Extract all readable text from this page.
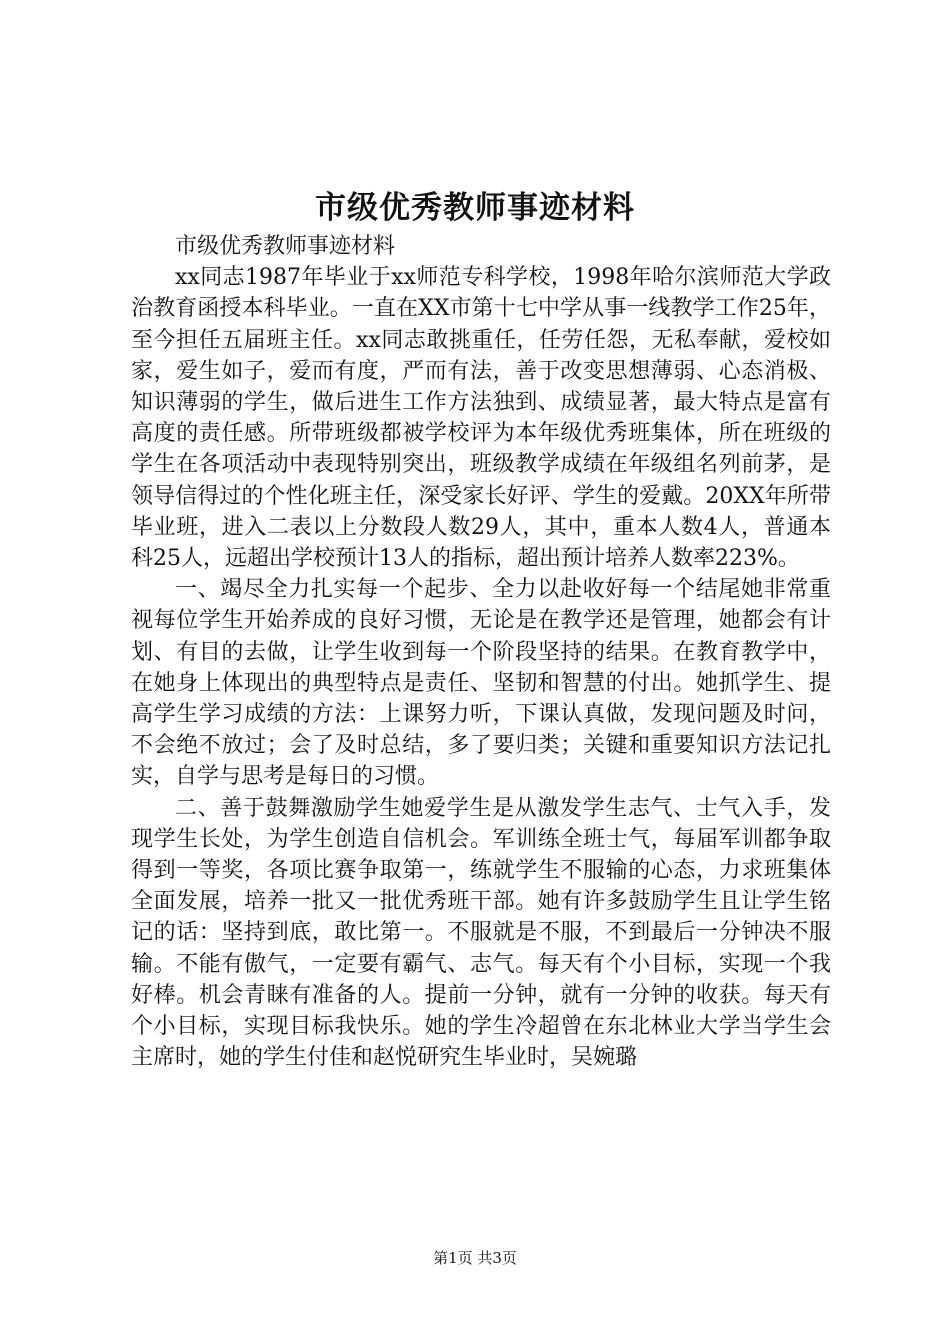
市级优秀教师事迹材料

市级优秀教师事迹材料

xx同志1987年毕业于xx师范专科学校，1998年哈尔滨师范大学政治教育函授本科毕业。一直在XX市第十七中学从事一线教学工作25年，至今担任五届班主任。xx同志敢挑重任，任劳任怨，无私奉献，爱校如家，爱生如子，爱而有度，严而有法，善于改变思想薄弱、心态消极、知识薄弱的学生，做后进生工作方法独到、成绩显著，最大特点是富有高度的责任感。所带班级都被学校评为本年级优秀班集体，所在班级的学生在各项活动中表现特别突出，班级教学成绩在年级组名列前茅，是领导信得过的个性化班主任，深受家长好评、学生的爱戴。20XX年所带毕业班，进入二表以上分数段人数29人，其中，重本人数4人，普通本科25人，远超出学校预计13人的指标，超出预计培养人数率223%。

一、竭尽全力扎实每一个起步、全力以赴收好每一个结尾她非常重视每位学生开始养成的良好习惯，无论是在教学还是管理，她都会有计划、有目的去做，让学生收到每一个阶段坚持的结果。在教育教学中，在她身上体现出的典型特点是责任、坚韧和智慧的付出。她抓学生、提高学生学习成绩的方法：上课努力听，下课认真做，发现问题及时问，不会绝不放过；会了及时总结，多了要归类；关键和重要知识方法记扎实，自学与思考是每日的习惯。

二、善于鼓舞激励学生她爱学生是从激发学生志气、士气入手，发现学生长处，为学生创造自信机会。军训练全班士气，每届军训都争取得到一等奖，各项比赛争取第一，练就学生不服输的心态，力求班集体全面发展，培养一批又一批优秀班干部。她有许多鼓励学生且让学生铭记的话：坚持到底，敢比第一。不服就是不服，不到最后一分钟决不服输。不能有傲气，一定要有霸气、志气。每天有个小目标，实现一个我好棒。机会青睐有准备的人。提前一分钟，就有一分钟的收获。每天有个小目标，实现目标我快乐。她的学生冷超曾在东北林业大学当学生会主席时，她的学生付佳和赵悦研究生毕业时，吴婉璐

第1页 共3页
